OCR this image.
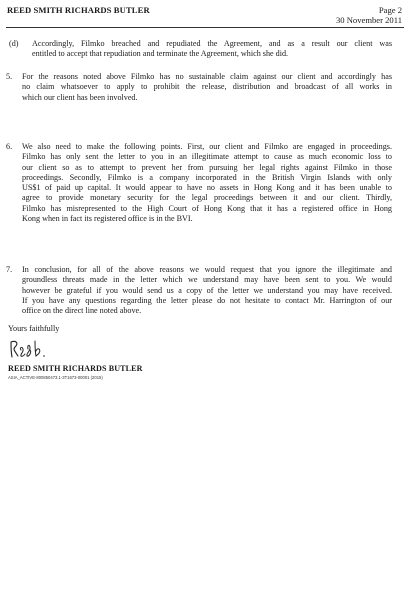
REED SMITH RICHARDS BUTLER	Page 2
30 November 2011
(d) Accordingly, Filmko breached and repudiated the Agreement, and as a result our client was
entitled to accept that repudiation and terminate the Agreement, which she did.
5. For the reasons noted above Filmko has no sustainable claim against our client and accordingly has
no claim whatsoever to apply to prohibit the release, distribution and broadcast of all works in
which our client has been involved.
6. We also need to make the following points. First, our client and Filmko are engaged in proceedings.
Filmko has only sent the letter to you in an illegitimate attempt to cause as much economic loss to
our client so as to attempt to prevent her from pursuing her legal rights against Filmko in those
proceedings. Secondly, Filmko is a company incorporated in the British Virgin Islands with only
US$1 of paid up capital. It would appear to have no assets in Hong Kong and it has been unable to
agree to provide monetary security for the legal proceedings between it and our client. Thirdly,
Filmko has misrepresented to the High Court of Hong Kong that it has a registered office in Hong
Kong when in fact its registered office is in the BVI.
7. In conclusion, for all of the above reasons we would request that you ignore the illegitimate and
groundless threats made in the letter which we understand may have been sent to you. We would
however be grateful if you would send us a copy of the letter we understand you may have received.
If you have any questions regarding the letter please do not hesitate to contact Mr. Harrington of our
office on the direct line noted above.
Yours faithfully
REED SMITH RICHARDS BUTLER
ASIA_ACTIVE-800850473.1-3T1673-00001 (2015)
